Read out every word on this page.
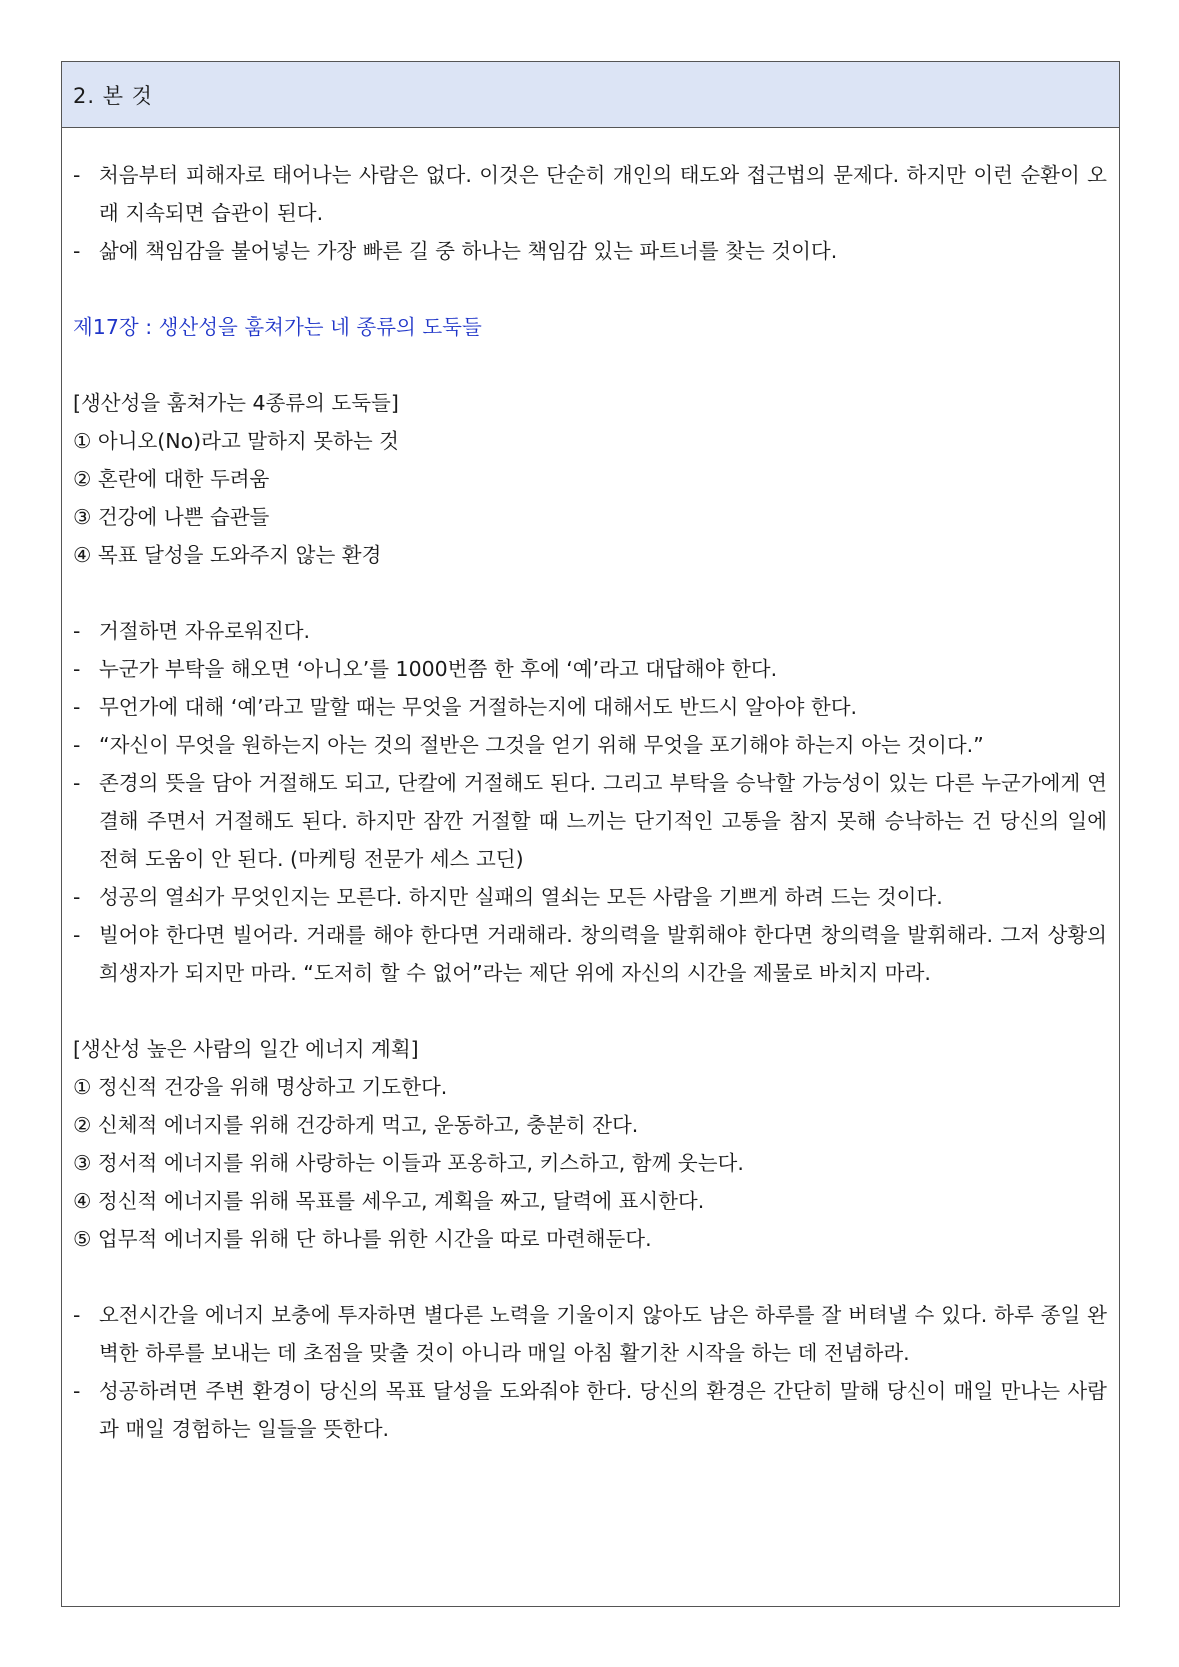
2. 본 것
- 처음부터 피해자로 태어나는 사람은 없다. 이것은 단순히 개인의 태도와 접근법의 문제다. 하지만 이런 순환이 오래 지속되면 습관이 된다.
- 삶에 책임감을 불어넣는 가장 빠른 길 중 하나는 책임감 있는 파트너를 찾는 것이다.
제17장 : 생산성을 훔쳐가는 네 종류의 도둑들
[생산성을 훔쳐가는 4종류의 도둑들]
① 아니오(No)라고 말하지 못하는 것
② 혼란에 대한 두려움
③ 건강에 나쁜 습관들
④ 목표 달성을 도와주지 않는 환경
- 거절하면 자유로워진다.
- 누군가 부탁을 해오면 ‘아니오’를 1000번쯤 한 후에 ‘예’라고 대답해야 한다.
- 무언가에 대해 ‘예’라고 말할 때는 무엇을 거절하는지에 대해서도 반드시 알아야 한다.
- “자신이 무엇을 원하는지 아는 것의 절반은 그것을 얻기 위해 무엇을 포기해야 하는지 아는 것이다.”
- 존경의 뜻을 담아 거절해도 되고, 단칼에 거절해도 된다. 그리고 부탁을 승낙할 가능성이 있는 다른 누군가에게 연결해 주면서 거절해도 된다. 하지만 잠깐 거절할 때 느끼는 단기적인 고통을 참지 못해 승낙하는 건 당신의 일에 전혀 도움이 안 된다. (마케팅 전문가 세스 고딘)
- 성공의 열쇠가 무엇인지는 모른다. 하지만 실패의 열쇠는 모든 사람을 기쁘게 하려 드는 것이다.
- 빌어야 한다면 빌어라. 거래를 해야 한다면 거래해라. 창의력을 발휘해야 한다면 창의력을 발휘해라. 그저 상황의 희생자가 되지만 마라. “도저히 할 수 없어”라는 제단 위에 자신의 시간을 제물로 바치지 마라.
[생산성 높은 사람의 일간 에너지 계획]
① 정신적 건강을 위해 명상하고 기도한다.
② 신체적 에너지를 위해 건강하게 먹고, 운동하고, 충분히 잔다.
③ 정서적 에너지를 위해 사랑하는 이들과 포옹하고, 키스하고, 함께 웃는다.
④ 정신적 에너지를 위해 목표를 세우고, 계획을 짜고, 달력에 표시한다.
⑤ 업무적 에너지를 위해 단 하나를 위한 시간을 따로 마련해둔다.
- 오전시간을 에너지 보충에 투자하면 별다른 노력을 기울이지 않아도 남은 하루를 잘 버텨낼 수 있다. 하루 종일 완벽한 하루를 보내는 데 초점을 맞출 것이 아니라 매일 아침 활기찬 시작을 하는 데 전념하라.
- 성공하려면 주변 환경이 당신의 목표 달성을 도와줘야 한다. 당신의 환경은 간단히 말해 당신이 매일 만나는 사람과 매일 경험하는 일들을 뜻한다.
